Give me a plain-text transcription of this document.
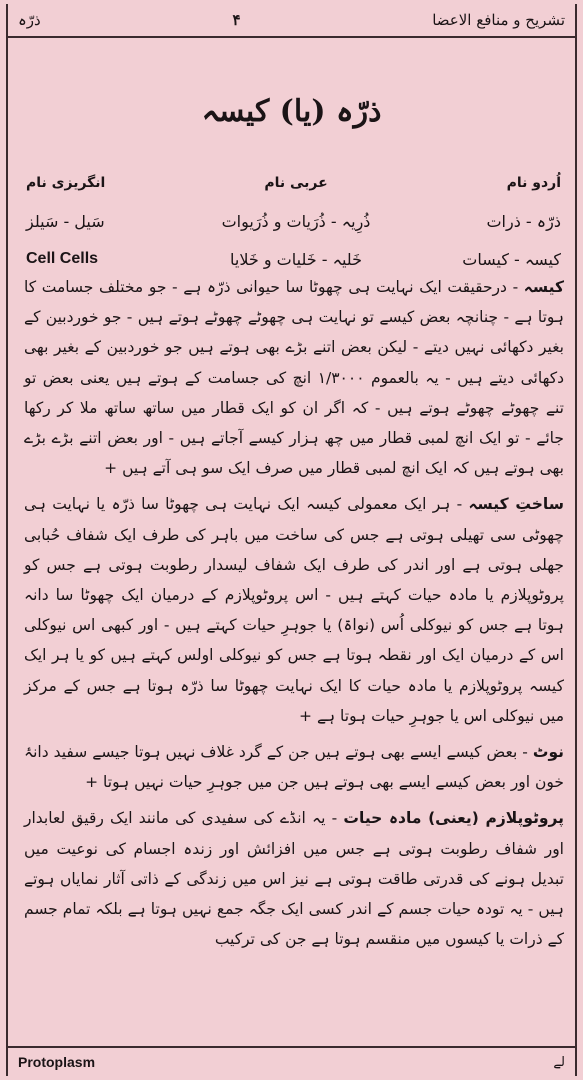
تشریح و منافع الاعضا
۴
ذرّہ
ذرّہ (یا) کیسہ
اُردو نام
عربی نام
انگریزی نام
ذرّہ - ذرات
ذُرِیہ - ذُرَیات و ذُرَیوات
سَیل - سَیلز
کیسہ - کیسات
خَلیہ - خَلیات و خَلایا
Cell Cells

کیسہ - درحقیقت ایک نہایت ہی چھوٹا سا حیوانی ذرّہ ہے - جو مختلف جسامت کا ہوتا ہے - چنانچہ بعض کیسے تو نہایت ہی چھوٹے چھوٹے ہوتے ہیں - جو خوردبین کے بغیر دکھائی نہیں دیتے - لیکن بعض اتنے بڑے بھی ہوتے ہیں جو خوردبین کے بغیر بھی دکھائی دیتے ہیں - یہ بالعموم ۱/۳۰۰۰ انچ کی جسامت کے ہوتے ہیں یعنی بعض تو تنے چھوٹے چھوٹے ہوتے ہیں - کہ اگر ان کو ایک قطار میں ساتھ ساتھ ملا کر رکھا جائے - تو ایک انچ لمبی قطار میں چھ ہزار کیسے آجاتے ہیں - اور بعض اتنے بڑے بڑے بھی ہوتے ہیں کہ ایک انچ لمبی قطار میں صرف ایک سو ہی آتے ہیں +

ساختِ کیسہ - ہر ایک معمولی کیسہ ایک نہایت ہی چھوٹا سا ذرّہ یا نہایت ہی چھوٹی سی تھیلی ہوتی ہے جس کی ساخت میں باہر کی طرف ایک شفاف حُبابی جھلی ہوتی ہے اور اندر کی طرف ایک شفاف لیسدار رطوبت ہوتی ہے جس کو پروٹوپلازم یا مادہ حیات کہتے ہیں - اس پروٹوپلازم کے درمیان ایک چھوٹا سا دانہ ہوتا ہے جس کو نیوکلی اُس (نواۃ) یا جوہرِ حیات کہتے ہیں - اور کبھی اس نیوکلی اس کے درمیان ایک اور نقطہ ہوتا ہے جس کو نیوکلی اولس کہتے ہیں کو یا ہر ایک کیسہ پروٹوپلازم یا مادہ حیات کا ایک نہایت چھوٹا سا ذرّہ ہوتا ہے جس کے مرکز میں نیوکلی اس یا جوہرِ حیات ہوتا ہے +

نوٹ - بعض کیسے ایسے بھی ہوتے ہیں جن کے گرد غلاف نہیں ہوتا جیسے سفید دانۂ خون اور بعض کیسے ایسے بھی ہوتے ہیں جن میں جوہرِ حیات نہیں ہوتا +

پروٹوپلازم (یعنی) مادہ حیات - یہ انڈے کی سفیدی کی مانند ایک رقیق لعابدار اور شفاف رطوبت ہوتی ہے جس میں افزائش اور زندہ اجسام کی نوعیت میں تبدیل ہونے کی قدرتی طاقت ہوتی ہے نیز اس میں زندگی کے ذاتی آثار نمایاں ہوتے ہیں - یہ تودہ حیات جسم کے اندر کسی ایک جگہ جمع نہیں ہوتا ہے بلکہ تمام جسم کے ذرات یا کیسوں میں منقسم ہوتا ہے جن کی ترکیب

Protoplasm	لے
